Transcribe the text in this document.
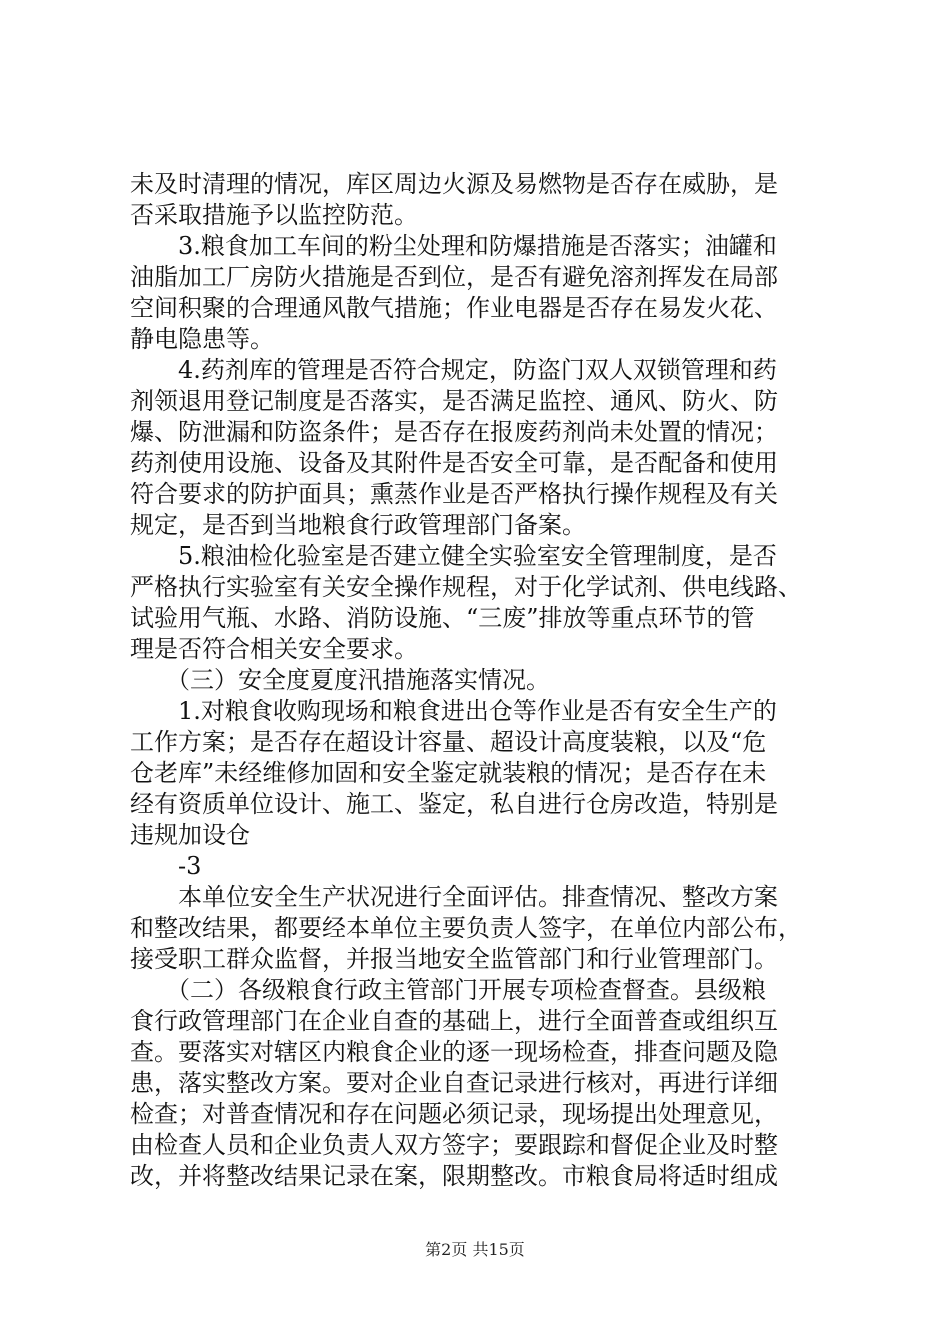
未及时清理的情况，库区周边火源及易燃物是否存在威胁，是
否采取措施予以监控防范。
　　3.粮食加工车间的粉尘处理和防爆措施是否落实；油罐和
油脂加工厂房防火措施是否到位，是否有避免溶剂挥发在局部
空间积聚的合理通风散气措施；作业电器是否存在易发火花、
静电隐患等。
　　4.药剂库的管理是否符合规定，防盗门双人双锁管理和药
剂领退用登记制度是否落实，是否满足监控、通风、防火、防
爆、防泄漏和防盗条件；是否存在报废药剂尚未处置的情况；
药剂使用设施、设备及其附件是否安全可靠，是否配备和使用
符合要求的防护面具；熏蒸作业是否严格执行操作规程及有关
规定，是否到当地粮食行政管理部门备案。
　　5.粮油检化验室是否建立健全实验室安全管理制度，是否
严格执行实验室有关安全操作规程，对于化学试剂、供电线路、
试验用气瓶、水路、消防设施、“三废”排放等重点环节的管
理是否符合相关安全要求。
　　（三）安全度夏度汛措施落实情况。
　　1.对粮食收购现场和粮食进出仓等作业是否有安全生产的
工作方案；是否存在超设计容量、超设计高度装粮，以及“危
仓老库”未经维修加固和安全鉴定就装粮的情况；是否存在未
经有资质单位设计、施工、鉴定，私自进行仓房改造，特别是
违规加设仓
　　-3
　　本单位安全生产状况进行全面评估。排查情况、整改方案
和整改结果，都要经本单位主要负责人签字，在单位内部公布，
接受职工群众监督，并报当地安全监管部门和行业管理部门。
　　（二）各级粮食行政主管部门开展专项检查督查。县级粮
食行政管理部门在企业自查的基础上，进行全面普查或组织互
查。要落实对辖区内粮食企业的逐一现场检查，排查问题及隐
患，落实整改方案。要对企业自查记录进行核对，再进行详细
检查；对普查情况和存在问题必须记录，现场提出处理意见，
由检查人员和企业负责人双方签字；要跟踪和督促企业及时整
改，并将整改结果记录在案，限期整改。市粮食局将适时组成
第2页 共15页
